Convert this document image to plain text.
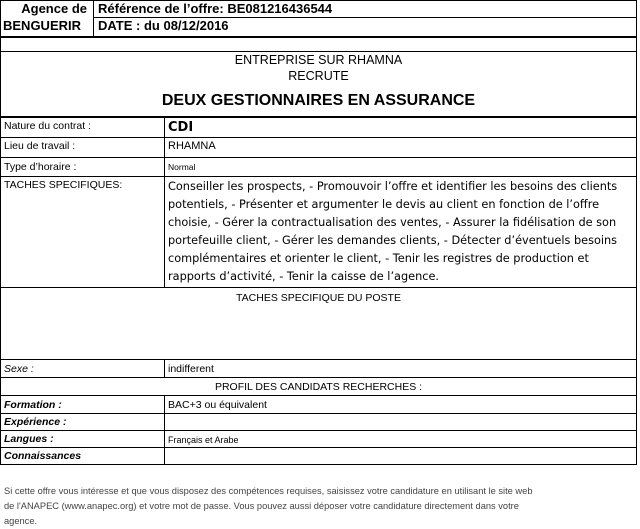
Agence de
BENGUERIR
Référence de l’offre: BE081216436544
DATE : du 08/12/2016
ENTREPRISE SUR RHAMNA
RECRUTE
DEUX GESTIONNAIRES EN ASSURANCE
Nature du contrat :	CDI
Lieu de travail :	RHAMNA
Type d’horaire :	Normal
TACHES SPECIFIQUES:	Conseiller les prospects, - Promouvoir l’offre et identifier les besoins des clients
potentiels, - Présenter et argumenter le devis au client en fonction de l’offre
choisie, - Gérer la contractualisation des ventes, - Assurer la fidélisation de son
portefeuille client, - Gérer les demandes clients, - Détecter d’éventuels besoins
complémentaires et orienter le client, - Tenir les registres de production et
rapports d’activité, - Tenir la caisse de l’agence.
TACHES SPECIFIQUE DU POSTE
Sexe :	indifferent
PROFIL DES CANDIDATS RECHERCHES :
Formation :	BAC+3 ou équivalent
Expérience :
Langues :	Français et Arabe
Connaissances
Si cette offre vous intéresse et que vous disposez des compétences requises, saisissez votre candidature en utilisant le site web
de l'ANAPEC (www.anapec.org) et votre mot de passe. Vous pouvez aussi déposer votre candidature directement dans votre
agence.
